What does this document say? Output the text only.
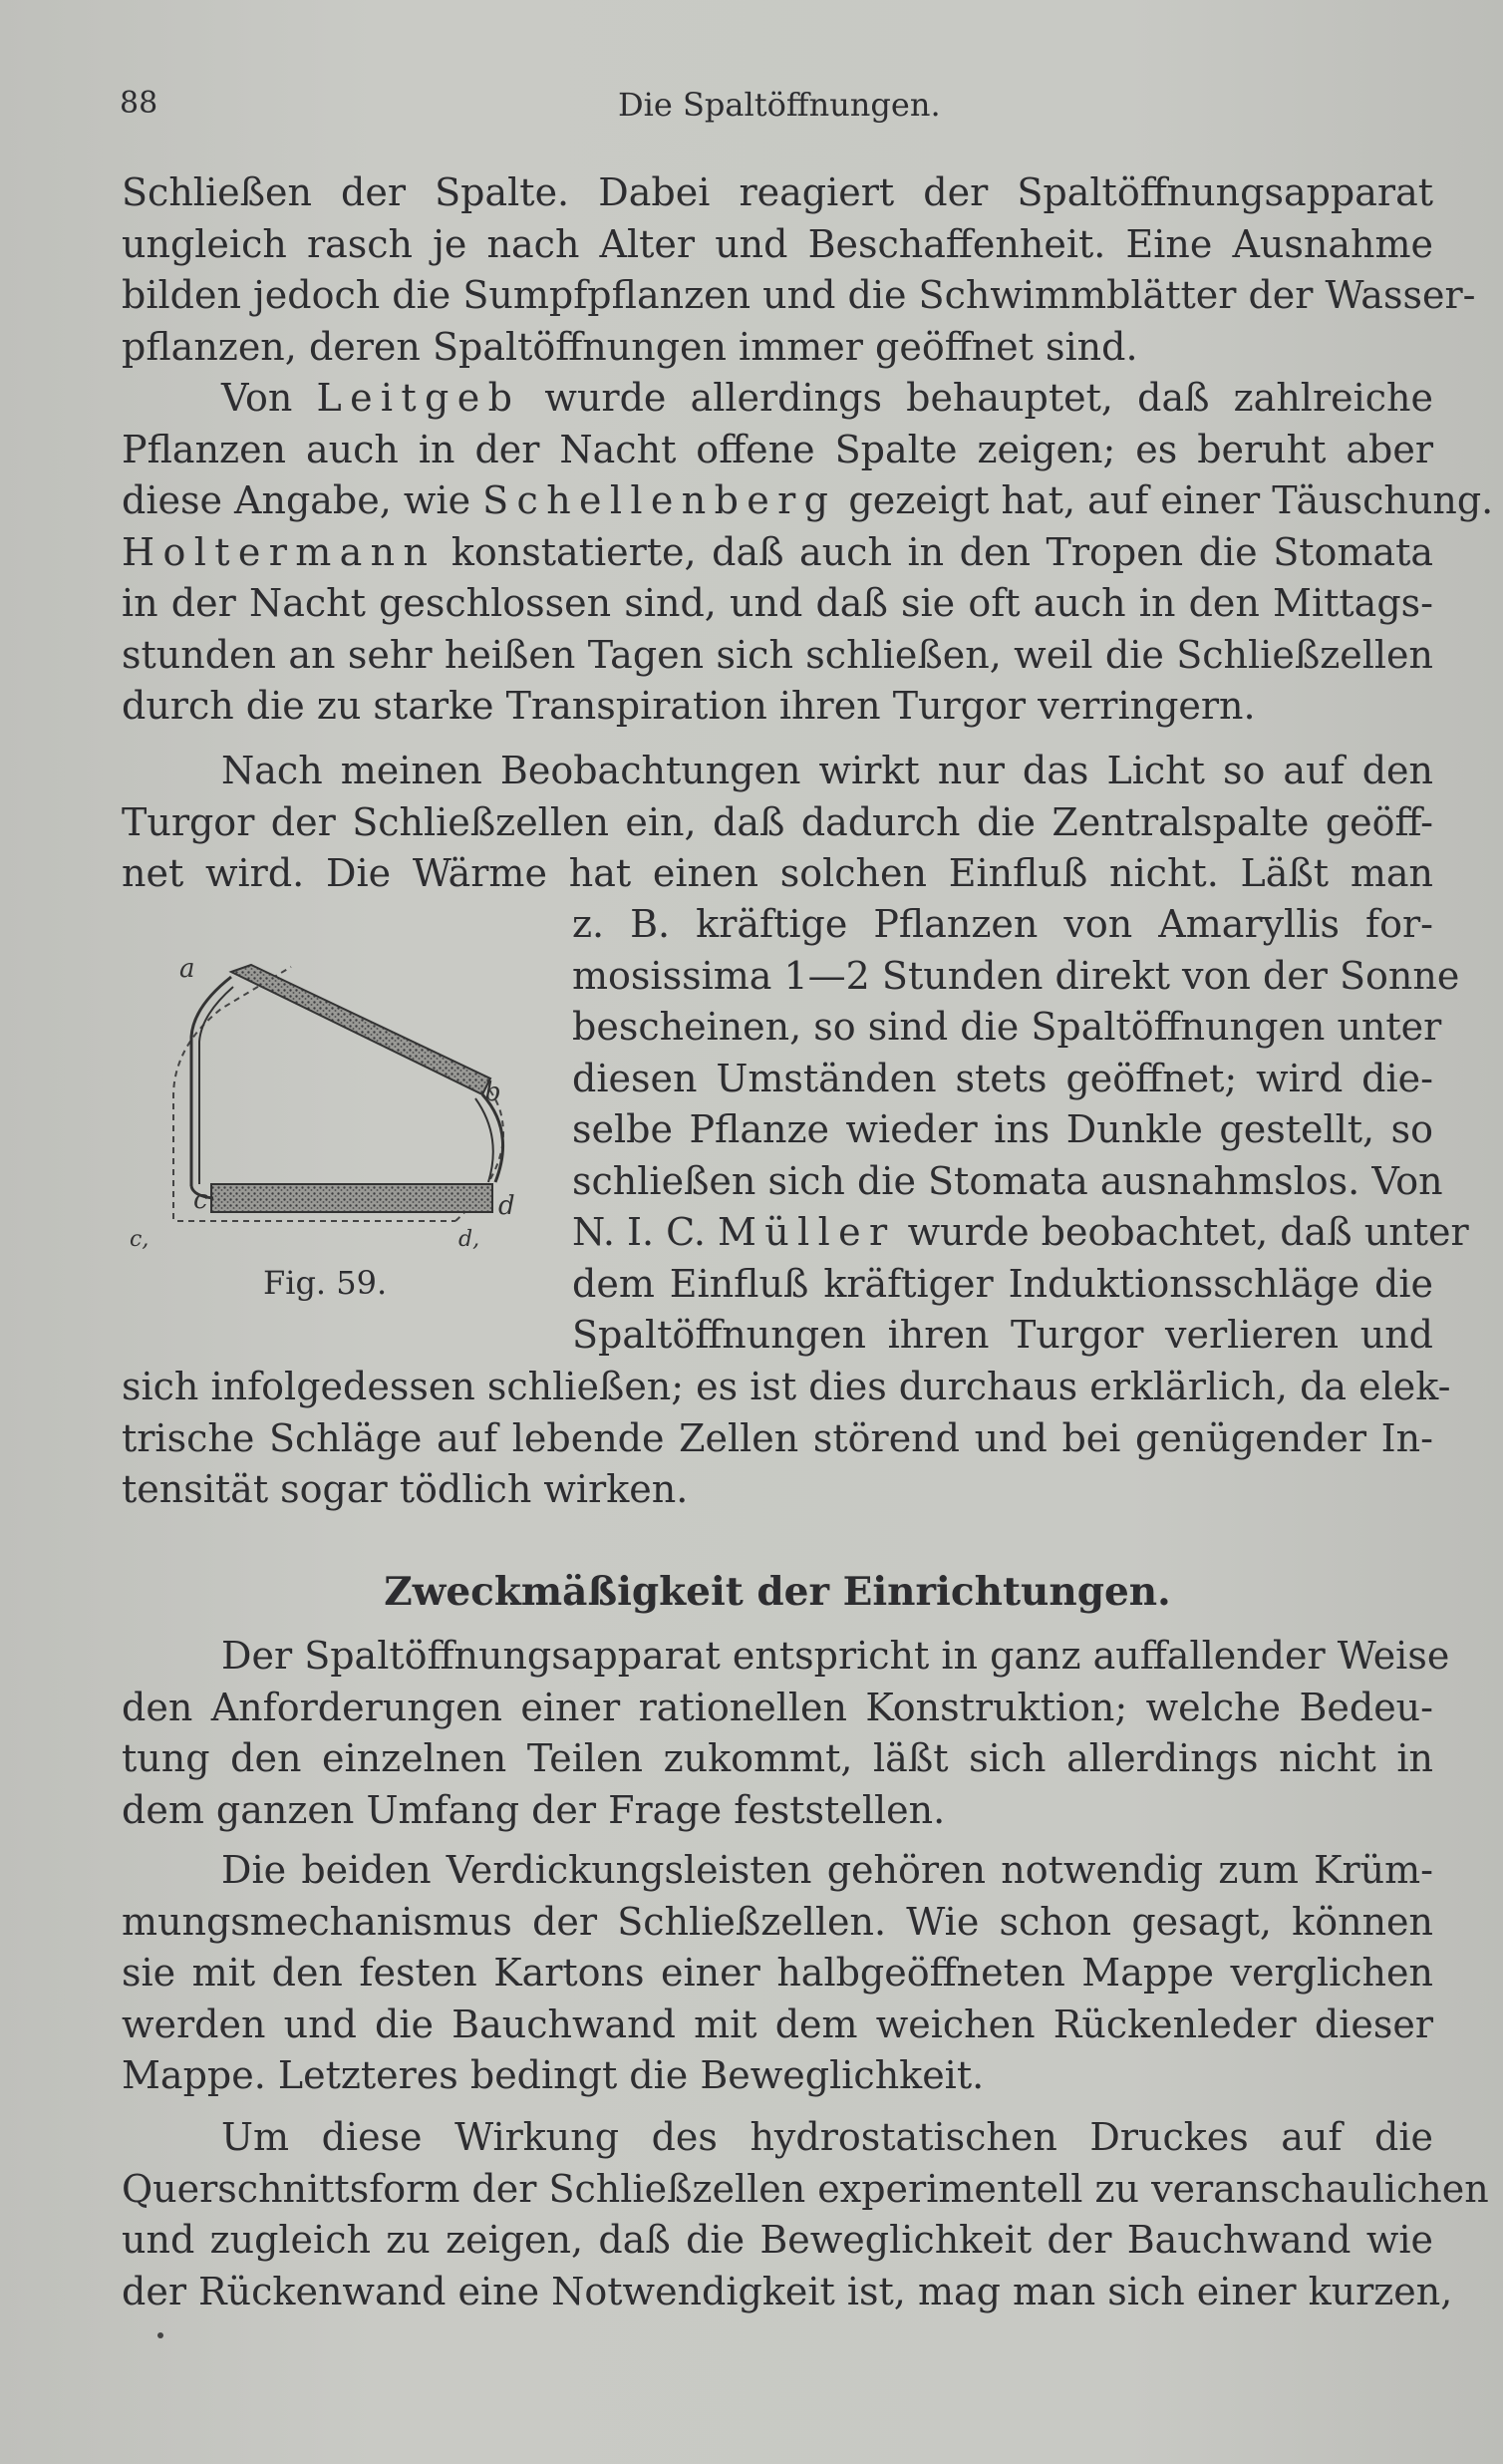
88	Die Spaltöffnungen.
Schließen der Spalte. Dabei reagiert der Spaltöffnungsapparat
ungleich rasch je nach Alter und Beschaffenheit. Eine Ausnahme
bilden jedoch die Sumpfpflanzen und die Schwimmblätter der Wasser-
pflanzen, deren Spaltöffnungen immer geöffnet sind.
Von Leitgeb wurde allerdings behauptet, daß zahlreiche
Pflanzen auch in der Nacht offene Spalte zeigen; es beruht aber
diese Angabe, wie Schellenberg gezeigt hat, auf einer Täuschung.
Holtermann konstatierte, daß auch in den Tropen die Stomata
in der Nacht geschlossen sind, und daß sie oft auch in den Mittags-
stunden an sehr heißen Tagen sich schließen, weil die Schließzellen
durch die zu starke Transpiration ihren Turgor verringern.
Nach meinen Beobachtungen wirkt nur das Licht so auf den
Turgor der Schließzellen ein, daß dadurch die Zentralspalte geöff-
net wird. Die Wärme hat einen solchen Einfluß nicht. Läßt man
a
b
c	d
c,	d,
Fig. 59.
z. B. kräftige Pflanzen von Amaryllis for-
mosissima 1—2 Stunden direkt von der Sonne
bescheinen, so sind die Spaltöffnungen unter
diesen Umständen stets geöffnet; wird die-
selbe Pflanze wieder ins Dunkle gestellt, so
schließen sich die Stomata ausnahmslos. Von
N. I. C. Müller wurde beobachtet, daß unter
dem Einfluß kräftiger Induktionsschläge die
Spaltöffnungen ihren Turgor verlieren und
sich infolgedessen schließen; es ist dies durchaus erklärlich, da elek-
trische Schläge auf lebende Zellen störend und bei genügender In-
tensität sogar tödlich wirken.
Zweckmäßigkeit der Einrichtungen.
Der Spaltöffnungsapparat entspricht in ganz auffallender Weise
den Anforderungen einer rationellen Konstruktion; welche Bedeu-
tung den einzelnen Teilen zukommt, läßt sich allerdings nicht in
dem ganzen Umfang der Frage feststellen.
Die beiden Verdickungsleisten gehören notwendig zum Krüm-
mungsmechanismus der Schließzellen. Wie schon gesagt, können
sie mit den festen Kartons einer halbgeöffneten Mappe verglichen
werden und die Bauchwand mit dem weichen Rückenleder dieser
Mappe. Letzteres bedingt die Beweglichkeit.
Um diese Wirkung des hydrostatischen Druckes auf die
Querschnittsform der Schließzellen experimentell zu veranschaulichen
und zugleich zu zeigen, daß die Beweglichkeit der Bauchwand wie
der Rückenwand eine Notwendigkeit ist, mag man sich einer kurzen,
